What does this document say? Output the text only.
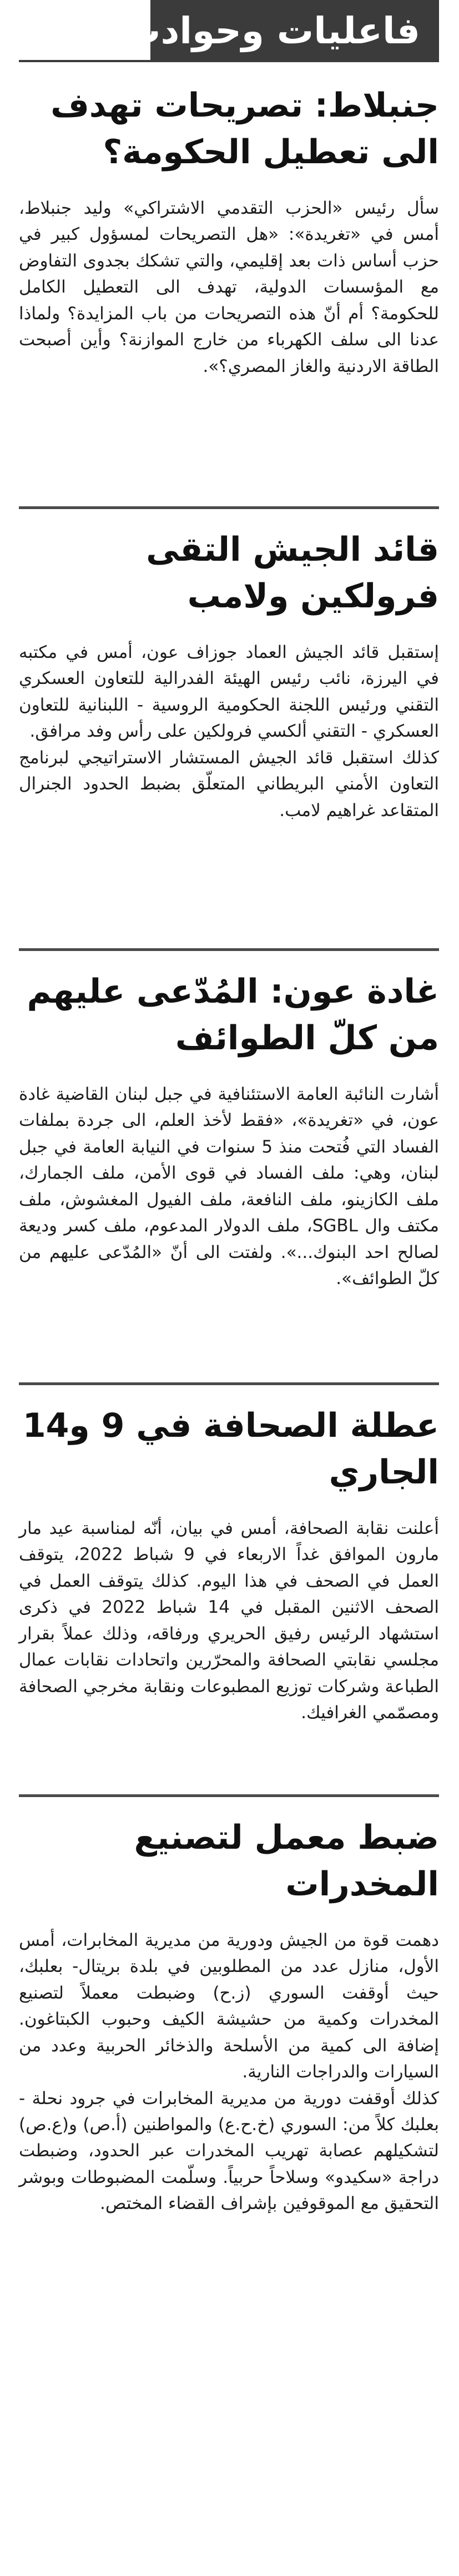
فاعليات وحوادث
جنبلاط: تصريحات تهدف الى تعطيل الحكومة؟

سأل رئيس «الحزب التقدمي الاشتراكي» وليد جنبلاط، أمس في «تغريدة»: «هل التصريحات لمسؤول كبير في حزب أساس ذات بعد إقليمي، والتي تشكك بجدوى التفاوض مع المؤسسات الدولية، تهدف الى التعطيل الكامل للحكومة؟ أم أنّ هذه التصريحات من باب المزايدة؟ ولماذا عدنا الى سلف الكهرباء من خارج الموازنة؟ وأين أصبحت الطاقة الاردنية والغاز المصري؟».

قائد الجيش التقى فرولكين ولامب

إستقبل قائد الجيش العماد جوزاف عون، أمس في مكتبه في اليرزة، نائب رئيس الهيئة الفدرالية للتعاون العسكري التقني ورئيس اللجنة الحكومية الروسية - اللبنانية للتعاون العسكري - التقني ألكسي فرولكين على رأس وفد مرافق.

كذلك استقبل قائد الجيش المستشار الاستراتيجي لبرنامج التعاون الأمني البريطاني المتعلّق بضبط الحدود الجنرال المتقاعد غراهيم لامب.

غادة عون: المُدّعى عليهم من كلّ الطوائف

أشارت النائبة العامة الاستئنافية في جبل لبنان القاضية غادة عون، في «تغريدة»، «فقط لأخذ العلم، الى جردة بملفات الفساد التي فُتحت منذ 5 سنوات في النيابة العامة في جبل لبنان، وهي: ملف الفساد في قوى الأمن، ملف الجمارك، ملف الكازينو، ملف النافعة، ملف الفيول المغشوش، ملف مكتف وال SGBL، ملف الدولار المدعوم، ملف كسر وديعة لصالح احد البنوك...». ولفتت الى أنّ «المُدّعى عليهم من كلّ الطوائف».

عطلة الصحافة في 9 و14 الجاري

أعلنت نقابة الصحافة، أمس في بيان، أنّه لمناسبة عيد مار مارون الموافق غداً الاربعاء في 9 شباط 2022، يتوقف العمل في الصحف في هذا اليوم. كذلك يتوقف العمل في الصحف الاثنين المقبل في 14 شباط 2022 في ذكرى استشهاد الرئيس رفيق الحريري ورفاقه، وذلك عملاً بقرار مجلسي نقابتي الصحافة والمحرّرين واتحادات نقابات عمال الطباعة وشركات توزيع المطبوعات ونقابة مخرجي الصحافة ومصمّمي الغرافيك.

ضبط معمل لتصنيع المخدرات

دهمت قوة من الجيش ودورية من مديرية المخابرات، أمس الأول، منازل عدد من المطلوبين في بلدة بريتال- بعلبك، حيث أوقفت السوري (ز.ح) وضبطت معملاً لتصنيع المخدرات وكمية من حشيشة الكيف وحبوب الكبتاغون. إضافة الى كمية من الأسلحة والذخائر الحربية وعدد من السيارات والدراجات النارية.

كذلك أوقفت دورية من مديرية المخابرات في جرود نحلة - بعلبك كلاً من: السوري (خ.ح.ع) والمواطنين (أ.ص) و(ع.ص) لتشكيلهم عصابة تهريب المخدرات عبر الحدود، وضبطت دراجة «سكيدو» وسلاحاً حربياً. وسلّمت المضبوطات وبوشر التحقيق مع الموقوفين بإشراف القضاء المختص.
